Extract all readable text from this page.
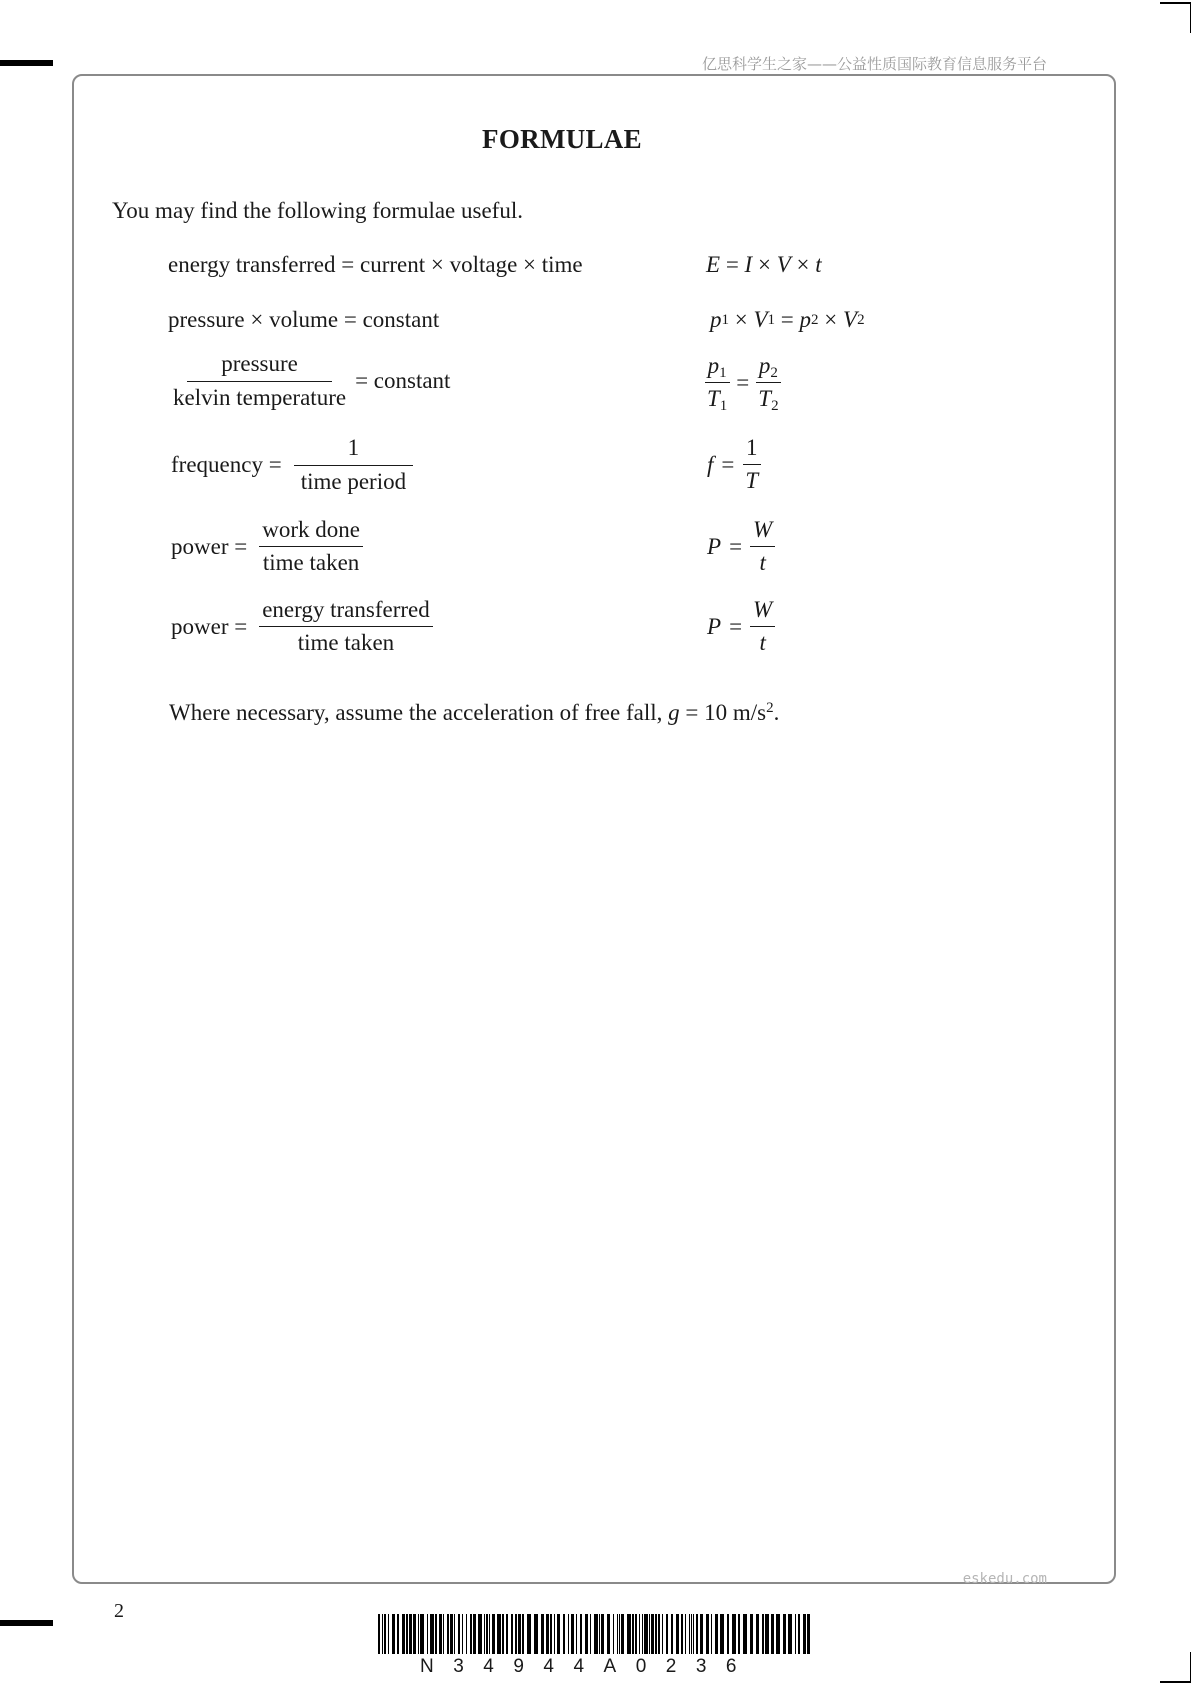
亿思科学生之家——公益性质国际教育信息服务平台
FORMULAE
You may find the following formulae useful.
energy transferred = current × voltage × time	E = I × V × t
pressure × volume = constant	p 1 × V 1 = p 2 × V 2
$\frac{\text{pressure}}{\text{kelvin temperature}}$ = constant	$\frac{p_1}{T_1} = \frac{p_2}{T_2}$
frequency = $\frac{1}{\text{time period}}$	$f = \frac{1}{T}$
power = $\frac{\text{work done}}{\text{time taken}}$	$P = \frac{W}{t}$
power = $\frac{\text{energy transferred}}{\text{time taken}}$	$P = \frac{W}{t}$
Where necessary, assume the acceleration of free fall, g = 10 $m/s^2$.
eskedu.com
2
N34944A0236
